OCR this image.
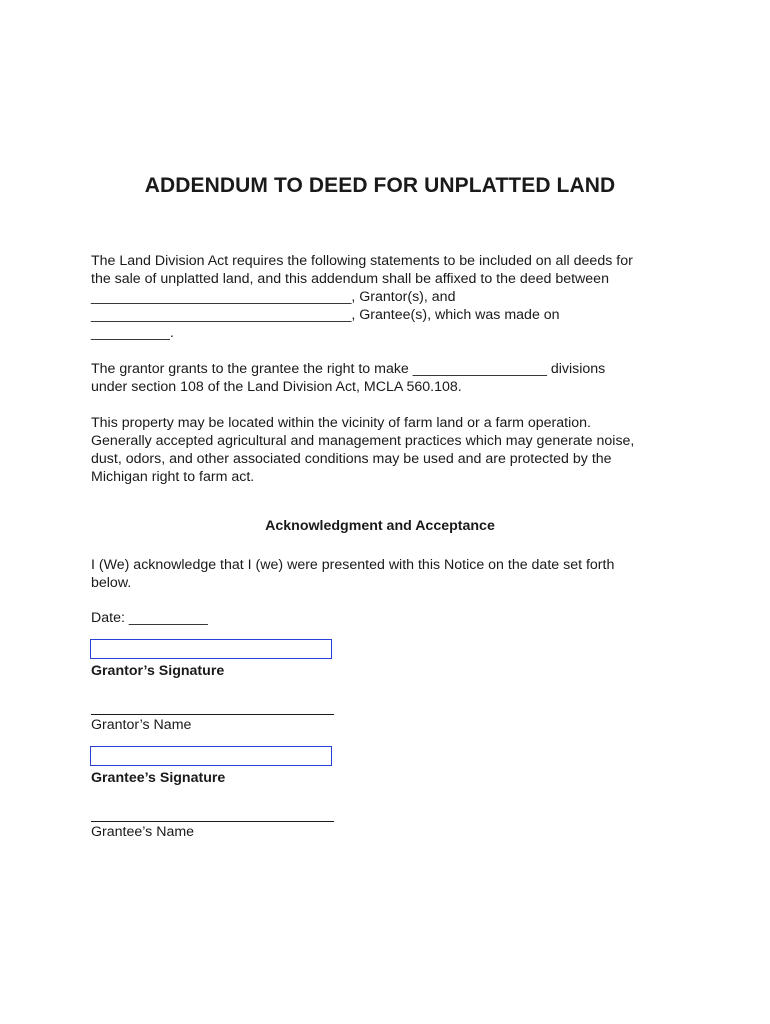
ADDENDUM TO DEED FOR UNPLATTED LAND
The Land Division Act requires the following statements to be included on all deeds for
the sale of unplatted land, and this addendum shall be affixed to the deed between
_________________________________, Grantor(s), and
_________________________________, Grantee(s), which was made on
__________.
The grantor grants to the grantee the right to make _________________ divisions
under section 108 of the Land Division Act, MCLA 560.108.
This property may be located within the vicinity of farm land or a farm operation.
Generally accepted agricultural and management practices which may generate noise,
dust, odors, and other associated conditions may be used and are protected by the
Michigan right to farm act.
Acknowledgment and Acceptance
I (We) acknowledge that I (we) were presented with this Notice on the date set forth
below.
Date: __________
Grantor’s Signature
Grantor’s Name
Grantee’s Signature
Grantee’s Name
